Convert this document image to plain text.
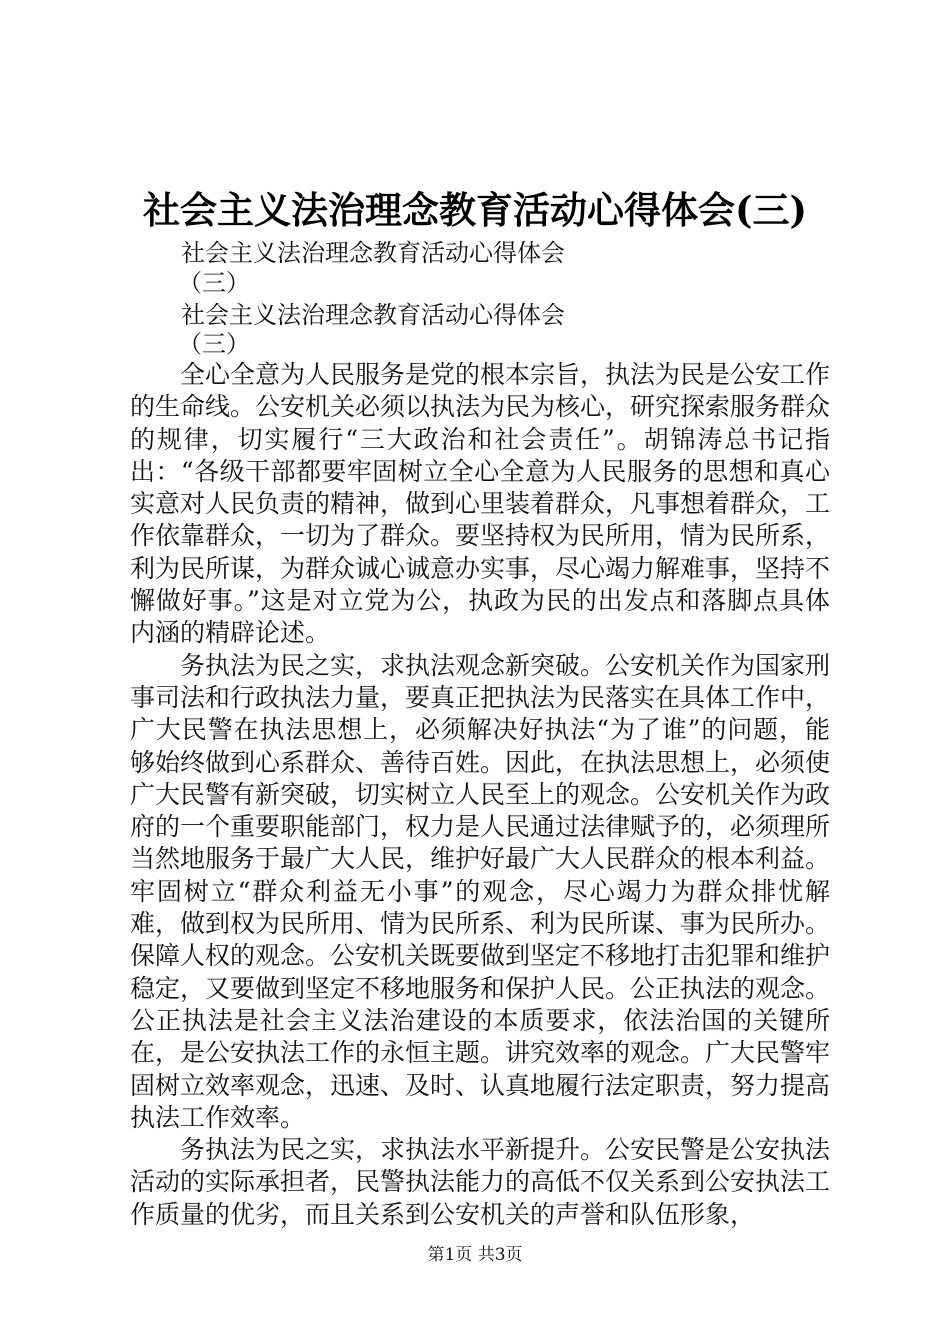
社会主义法治理念教育活动心得体会(三)
社会主义法治理念教育活动心得体会
（三）
社会主义法治理念教育活动心得体会
（三）

全心全意为人民服务是党的根本宗旨，执法为民是公安工作的生命线。公安机关必须以执法为民为核心，研究探索服务群众的规律，切实履行“三大政治和社会责任”。胡锦涛总书记指出：“各级干部都要牢固树立全心全意为人民服务的思想和真心实意对人民负责的精神，做到心里装着群众，凡事想着群众，工作依靠群众，一切为了群众。要坚持权为民所用，情为民所系，利为民所谋，为群众诚心诚意办实事，尽心竭力解难事，坚持不懈做好事。”这是对立党为公，执政为民的出发点和落脚点具体内涵的精辟论述。

务执法为民之实，求执法观念新突破。公安机关作为国家刑事司法和行政执法力量，要真正把执法为民落实在具体工作中，广大民警在执法思想上，必须解决好执法“为了谁”的问题，能够始终做到心系群众、善待百姓。因此，在执法思想上，必须使广大民警有新突破，切实树立人民至上的观念。公安机关作为政府的一个重要职能部门，权力是人民通过法律赋予的，必须理所当然地服务于最广大人民，维护好最广大人民群众的根本利益。牢固树立“群众利益无小事”的观念，尽心竭力为群众排忧解难，做到权为民所用、情为民所系、利为民所谋、事为民所办。保障人权的观念。公安机关既要做到坚定不移地打击犯罪和维护稳定，又要做到坚定不移地服务和保护人民。公正执法的观念。公正执法是社会主义法治建设的本质要求，依法治国的关键所在，是公安执法工作的永恒主题。讲究效率的观念。广大民警牢固树立效率观念，迅速、及时、认真地履行法定职责，努力提高执法工作效率。

务执法为民之实，求执法水平新提升。公安民警是公安执法活动的实际承担者，民警执法能力的高低不仅关系到公安执法工作质量的优劣，而且关系到公安机关的声誉和队伍形象，

第1页 共3页
